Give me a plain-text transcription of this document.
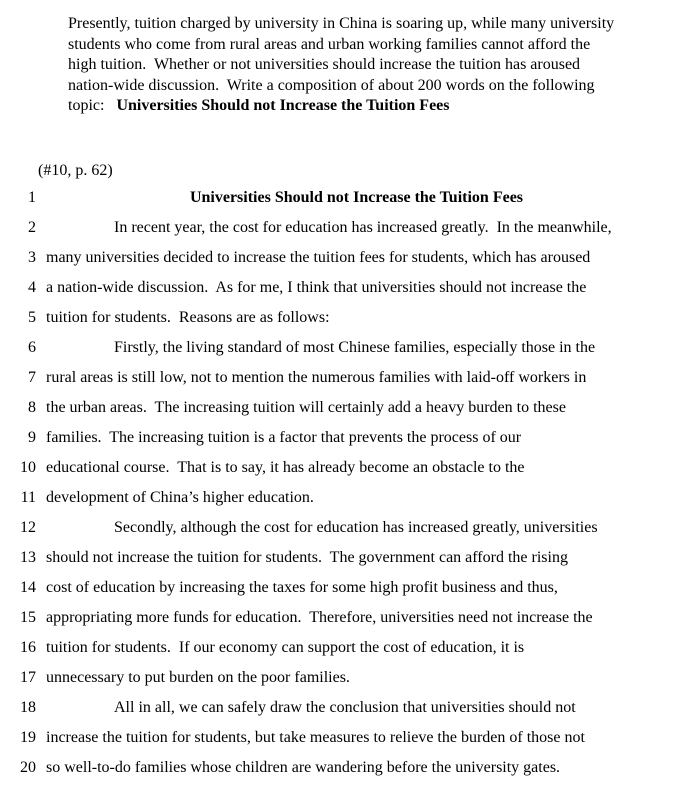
Presently, tuition charged by university in China is soaring up, while many university
students who come from rural areas and urban working families cannot afford the
high tuition.  Whether or not universities should increase the tuition has aroused
nation-wide discussion.  Write a composition of about 200 words on the following
topic:   Universities Should not Increase the Tuition Fees
(#10, p. 62)
1	Universities Should not Increase the Tuition Fees
2	In recent year, the cost for education has increased greatly.  In the meanwhile,
3 many universities decided to increase the tuition fees for students, which has aroused
4 a nation-wide discussion.  As for me, I think that universities should not increase the
5 tuition for students.  Reasons are as follows:
6	Firstly, the living standard of most Chinese families, especially those in the
7 rural areas is still low, not to mention the numerous families with laid-off workers in
8 the urban areas.  The increasing tuition will certainly add a heavy burden to these
9 families.  The increasing tuition is a factor that prevents the process of our
10 educational course.  That is to say, it has already become an obstacle to the
11 development of China’s higher education.
12	Secondly, although the cost for education has increased greatly, universities
13 should not increase the tuition for students.  The government can afford the rising
14 cost of education by increasing the taxes for some high profit business and thus,
15 appropriating more funds for education.  Therefore, universities need not increase the
16 tuition for students.  If our economy can support the cost of education, it is
17 unnecessary to put burden on the poor families.
18	All in all, we can safely draw the conclusion that universities should not
19 increase the tuition for students, but take measures to relieve the burden of those not
20 so well-to-do families whose children are wandering before the university gates.
